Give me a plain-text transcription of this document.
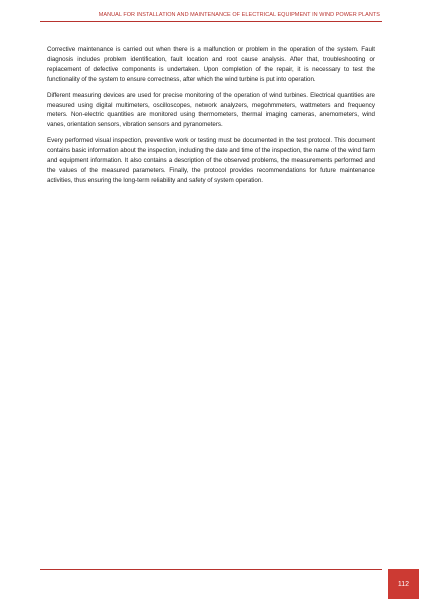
MANUAL FOR INSTALLATION AND MAINTENANCE OF ELECTRICAL EQUIPMENT IN WIND POWER PLANTS

Corrective maintenance is carried out when there is a malfunction or problem in the operation of the system. Fault diagnosis includes problem identification, fault location and root cause analysis. After that, troubleshooting or replacement of defective components is undertaken. Upon completion of the repair, it is necessary to test the functionality of the system to ensure correctness, after which the wind turbine is put into operation.

Different measuring devices are used for precise monitoring of the operation of wind turbines. Electrical quantities are measured using digital multimeters, oscilloscopes, network analyzers, megohmmeters, wattmeters and frequency meters. Non-electric quantities are monitored using thermometers, thermal imaging cameras, anemometers, wind vanes, orientation sensors, vibration sensors and pyranometers.

Every performed visual inspection, preventive work or testing must be documented in the test protocol. This document contains basic information about the inspection, including the date and time of the inspection, the name of the wind farm and equipment information. It also contains a description of the observed problems, the measurements performed and the values of the measured parameters. Finally, the protocol provides recommendations for future maintenance activities, thus ensuring the long-term reliability and safety of system operation.

112
